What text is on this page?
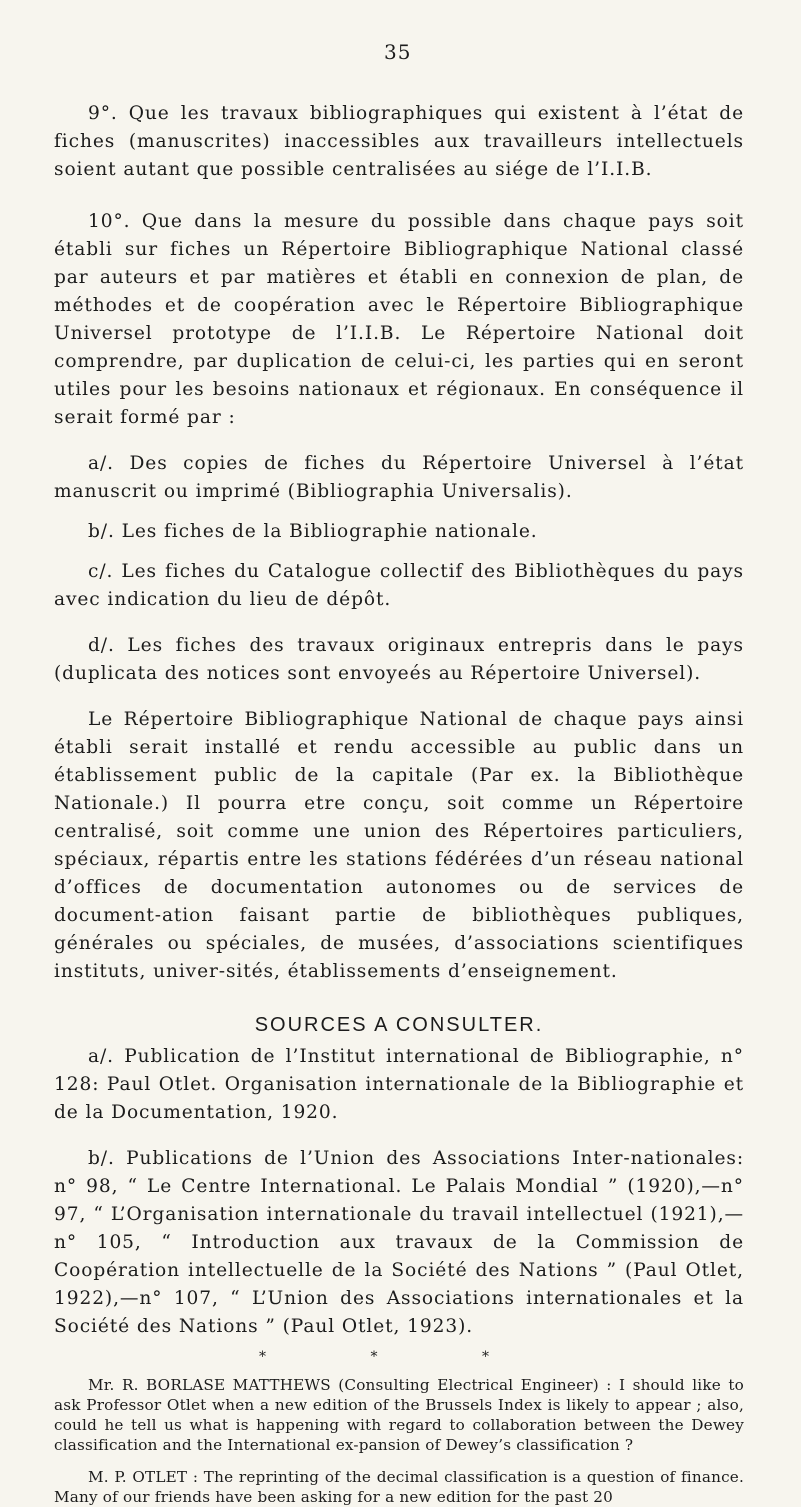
35

9°. Que les travaux bibliographiques qui existent à l’état de fiches (manuscrites) inaccessibles aux travailleurs intellectuels soient autant que possible centralisées au siége de l’I.I.B.

10°. Que dans la mesure du possible dans chaque pays soit établi sur fiches un Répertoire Bibliographique National classé par auteurs et par matières et établi en connexion de plan, de méthodes et de coopération avec le Répertoire Bibliographique Universel prototype de l’I.I.B. Le Répertoire National doit comprendre, par duplication de celui-ci, les parties qui en seront utiles pour les besoins nationaux et régionaux. En conséquence il serait formé par :

a/. Des copies de fiches du Répertoire Universel à l’état manuscrit ou imprimé (Bibliographia Universalis).

b/. Les fiches de la Bibliographie nationale.

c/. Les fiches du Catalogue collectif des Bibliothèques du pays avec indication du lieu de dépôt.

d/. Les fiches des travaux originaux entrepris dans le pays (duplicata des notices sont envoyeés au Répertoire Universel).

Le Répertoire Bibliographique National de chaque pays ainsi établi serait installé et rendu accessible au public dans un établissement public de la capitale (Par ex. la Bibliothèque Nationale.) Il pourra etre conçu, soit comme un Répertoire centralisé, soit comme une union des Répertoires particuliers, spéciaux, répartis entre les stations fédérées d’un réseau national d’offices de documentation autonomes ou de services de document-ation faisant partie de bibliothèques publiques, générales ou spéciales, de musées, d’associations scientifiques instituts, univer-sités, établissements d’enseignement.

SOURCES A CONSULTER.

a/. Publication de l’Institut international de Bibliographie, n° 128: Paul Otlet. Organisation internationale de la Bibliographie et de la Documentation, 1920.

b/. Publications de l’Union des Associations Inter-nationales: n° 98, “ Le Centre International. Le Palais Mondial ” (1920),—n° 97, “ L’Organisation internationale du travail intellectuel (1921),—n° 105, “ Introduction aux travaux de la Commission de Coopération intellectuelle de la Société des Nations ” (Paul Otlet, 1922),—n° 107, “ L’Union des Associations internationales et la Société des Nations ” (Paul Otlet, 1923).

* * *

Mr. R. BORLASE MATTHEWS (Consulting Electrical Engineer) : I should like to ask Professor Otlet when a new edition of the Brussels Index is likely to appear ; also, could he tell us what is happening with regard to collaboration between the Dewey classification and the International ex-pansion of Dewey’s classification ?

M. P. OTLET : The reprinting of the decimal classification is a question of finance. Many of our friends have been asking for a new edition for the past 20
